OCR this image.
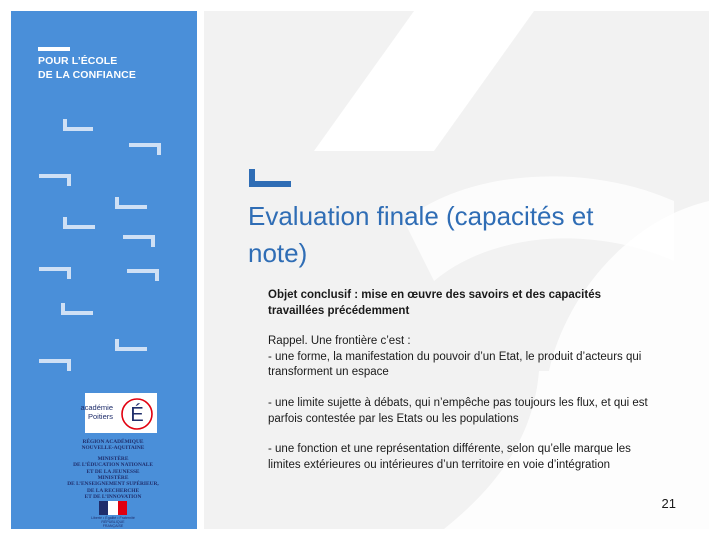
POUR L’ÉCOLE
DE LA CONFIANCE
É
académie
Poitiers
RÉGION ACADÉMIQUE
NOUVELLE-AQUITAINE
MINISTÈRE
DE L’ÉDUCATION NATIONALE
ET DE LA JEUNESSE
MINISTÈRE
DE L’ENSEIGNEMENT SUPÉRIEUR,
DE LA RECHERCHE
ET DE L’INNOVATION
Liberté • Égalité • Fraternité RÉPUBLIQUE FRANÇAISE
Evaluation finale (capacités et
note)

Objet conclusif : mise en œuvre des savoirs et des capacités travaillées précédemment

Rappel. Une frontière c’est :

- une forme, la manifestation du pouvoir d’un Etat, le produit d’acteurs qui transforment un espace

- une limite sujette à débats, qui n’empêche pas toujours les flux, et qui est parfois contestée par les Etats ou les populations

- une fonction et une représentation différente, selon qu’elle marque les limites extérieures ou intérieures d’un territoire en voie d’intégration

21
